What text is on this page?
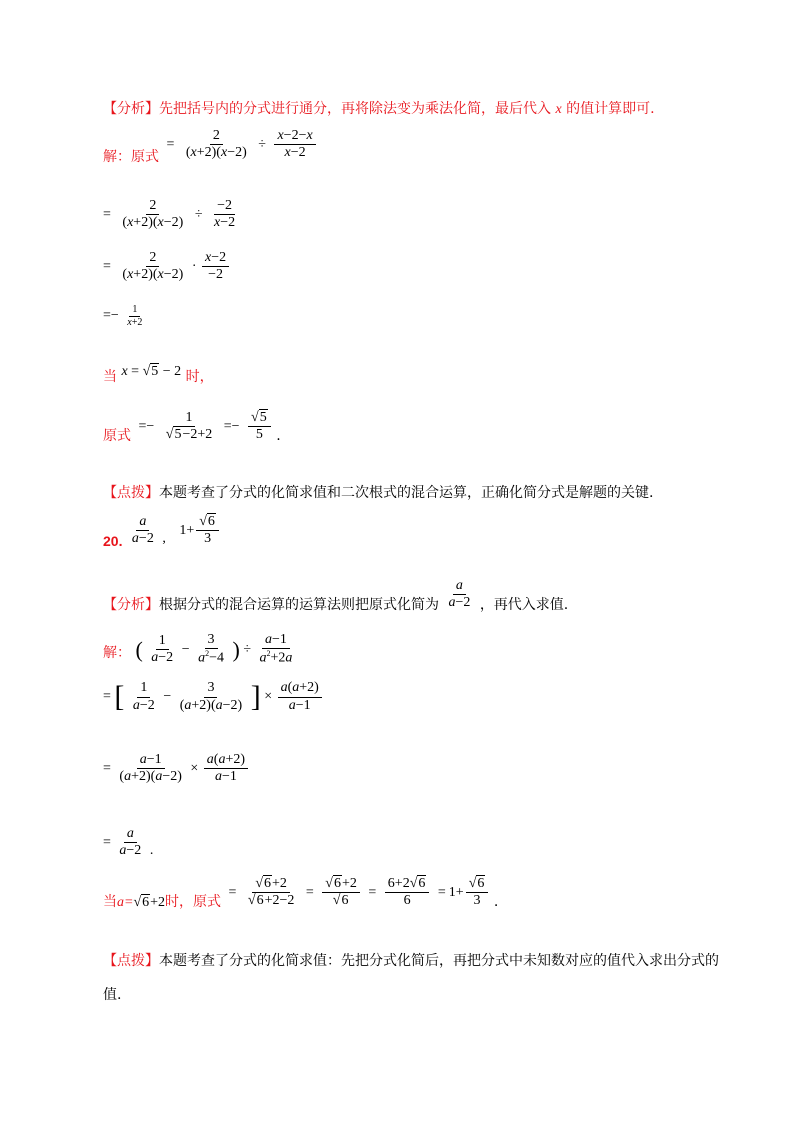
【分析】先把括号内的分式进行通分，再将除法变为乘法化简，最后代入 x 的值计算即可.
解：原式 = $\frac{2}{(x+2)(x-2)} \div \frac{x-2-x}{x-2}$
= $\frac{2}{(x+2)(x-2)} \div \frac{-2}{x-2}$
= $\frac{2}{(x+2)(x-2)} \cdot \frac{x-2}{-2}$
=− $\frac{1}{x+2}$
当 x = √5 − 2 时，
原式 =− $\frac{1}{√5-2+2} =- \frac{√5}{5}$ .
【点拨】本题考查了分式的化简求值和二次根式的混合运算，正确化简分式是解题的关键.
20. $\frac{a}{a-2}$ , $1+ \frac{√6}{3}$
【分析】根据分式的混合运算的运算法则把原式化简为 $\frac{a}{a-2}$ ，再代入求值.
解： ( $\frac{1}{a-2} - \frac{3}{a^2-4}$ ) ÷ $\frac{a-1}{a^2+2a}$
= [ $\frac{1}{a-2} - \frac{3}{(a+2)(a-2)}$ ] × $\frac{a(a+2)}{a-1}$
= $\frac{a-1}{(a+2)(a-2)} \times \frac{a(a+2)}{a-1}$
= $\frac{a}{a-2}$ .
当a=√6+2时，原式 = $\frac{√6+2}{√6+2-2} = \frac{√6+2}{√6} = \frac{6+2√6}{6} = 1+ \frac{√6}{3}$ .
【点拨】本题考查了分式的化简求值：先把分式化简后，再把分式中未知数对应的值代入求出分式的
值.
